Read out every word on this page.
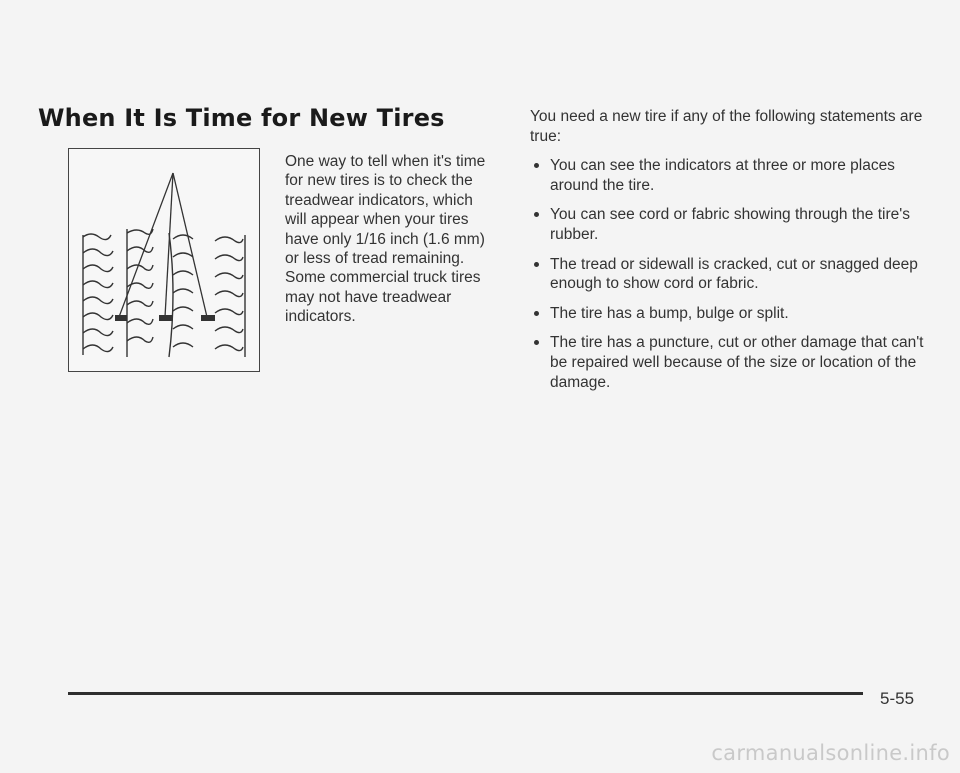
When It Is Time for New Tires
One way to tell when it's time for new tires is to check the treadwear indicators, which will appear when your tires have only 1/16 inch (1.6 mm) or less of tread remaining. Some commercial truck tires may not have treadwear indicators.

You need a new tire if any of the following statements are true:

You can see the indicators at three or more places around the tire.
You can see cord or fabric showing through the tire's rubber.
The tread or sidewall is cracked, cut or snagged deep enough to show cord or fabric.
The tire has a bump, bulge or split.
The tire has a puncture, cut or other damage that can't be repaired well because of the size or location of the damage.
5-55
carmanualsonline.info
